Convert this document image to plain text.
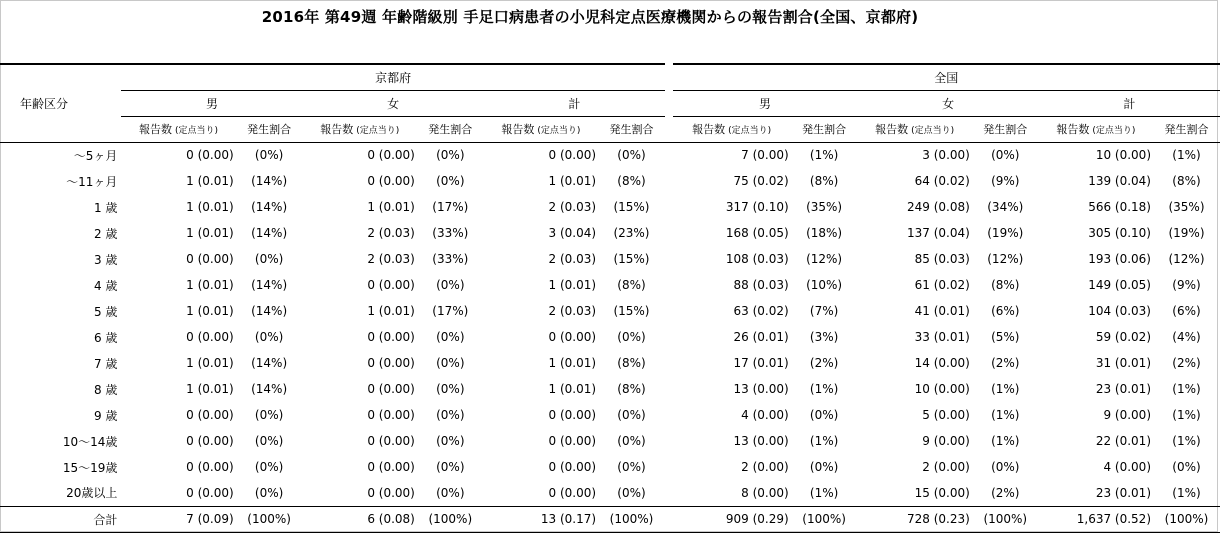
2016年 第49週 年齢階級別 手足口病患者の小児科定点医療機関からの報告割合(全国、京都府)
年齢区分	京都府							全国					
	男		女		計			男		女		計	
	報告数 (定点当り)	発生割合	報告数 (定点当り)	発生割合	報告数 (定点当り)	発生割合		報告数 (定点当り)	発生割合	報告数 (定点当り)	発生割合	報告数 (定点当り)	発生割合
～5ヶ月	0 (0.00)	(0%)	0 (0.00)	(0%)	0 (0.00)	(0%)		7 (0.00)	(1%)	3 (0.00)	(0%)	10 (0.00)	(1%)
～11ヶ月	1 (0.01)	(14%)	0 (0.00)	(0%)	1 (0.01)	(8%)		75 (0.02)	(8%)	64 (0.02)	(9%)	139 (0.04)	(8%)
1 歳	1 (0.01)	(14%)	1 (0.01)	(17%)	2 (0.03)	(15%)		317 (0.10)	(35%)	249 (0.08)	(34%)	566 (0.18)	(35%)
2 歳	1 (0.01)	(14%)	2 (0.03)	(33%)	3 (0.04)	(23%)		168 (0.05)	(18%)	137 (0.04)	(19%)	305 (0.10)	(19%)
3 歳	0 (0.00)	(0%)	2 (0.03)	(33%)	2 (0.03)	(15%)		108 (0.03)	(12%)	85 (0.03)	(12%)	193 (0.06)	(12%)
4 歳	1 (0.01)	(14%)	0 (0.00)	(0%)	1 (0.01)	(8%)		88 (0.03)	(10%)	61 (0.02)	(8%)	149 (0.05)	(9%)
5 歳	1 (0.01)	(14%)	1 (0.01)	(17%)	2 (0.03)	(15%)		63 (0.02)	(7%)	41 (0.01)	(6%)	104 (0.03)	(6%)
6 歳	0 (0.00)	(0%)	0 (0.00)	(0%)	0 (0.00)	(0%)		26 (0.01)	(3%)	33 (0.01)	(5%)	59 (0.02)	(4%)
7 歳	1 (0.01)	(14%)	0 (0.00)	(0%)	1 (0.01)	(8%)		17 (0.01)	(2%)	14 (0.00)	(2%)	31 (0.01)	(2%)
8 歳	1 (0.01)	(14%)	0 (0.00)	(0%)	1 (0.01)	(8%)		13 (0.00)	(1%)	10 (0.00)	(1%)	23 (0.01)	(1%)
9 歳	0 (0.00)	(0%)	0 (0.00)	(0%)	0 (0.00)	(0%)		4 (0.00)	(0%)	5 (0.00)	(1%)	9 (0.00)	(1%)
10～14歳	0 (0.00)	(0%)	0 (0.00)	(0%)	0 (0.00)	(0%)		13 (0.00)	(1%)	9 (0.00)	(1%)	22 (0.01)	(1%)
15～19歳	0 (0.00)	(0%)	0 (0.00)	(0%)	0 (0.00)	(0%)		2 (0.00)	(0%)	2 (0.00)	(0%)	4 (0.00)	(0%)
20歳以上	0 (0.00)	(0%)	0 (0.00)	(0%)	0 (0.00)	(0%)		8 (0.00)	(1%)	15 (0.00)	(2%)	23 (0.01)	(1%)
合計	7 (0.09)	(100%)	6 (0.08)	(100%)	13 (0.17)	(100%)		909 (0.29)	(100%)	728 (0.23)	(100%)	1,637 (0.52)	(100%)
